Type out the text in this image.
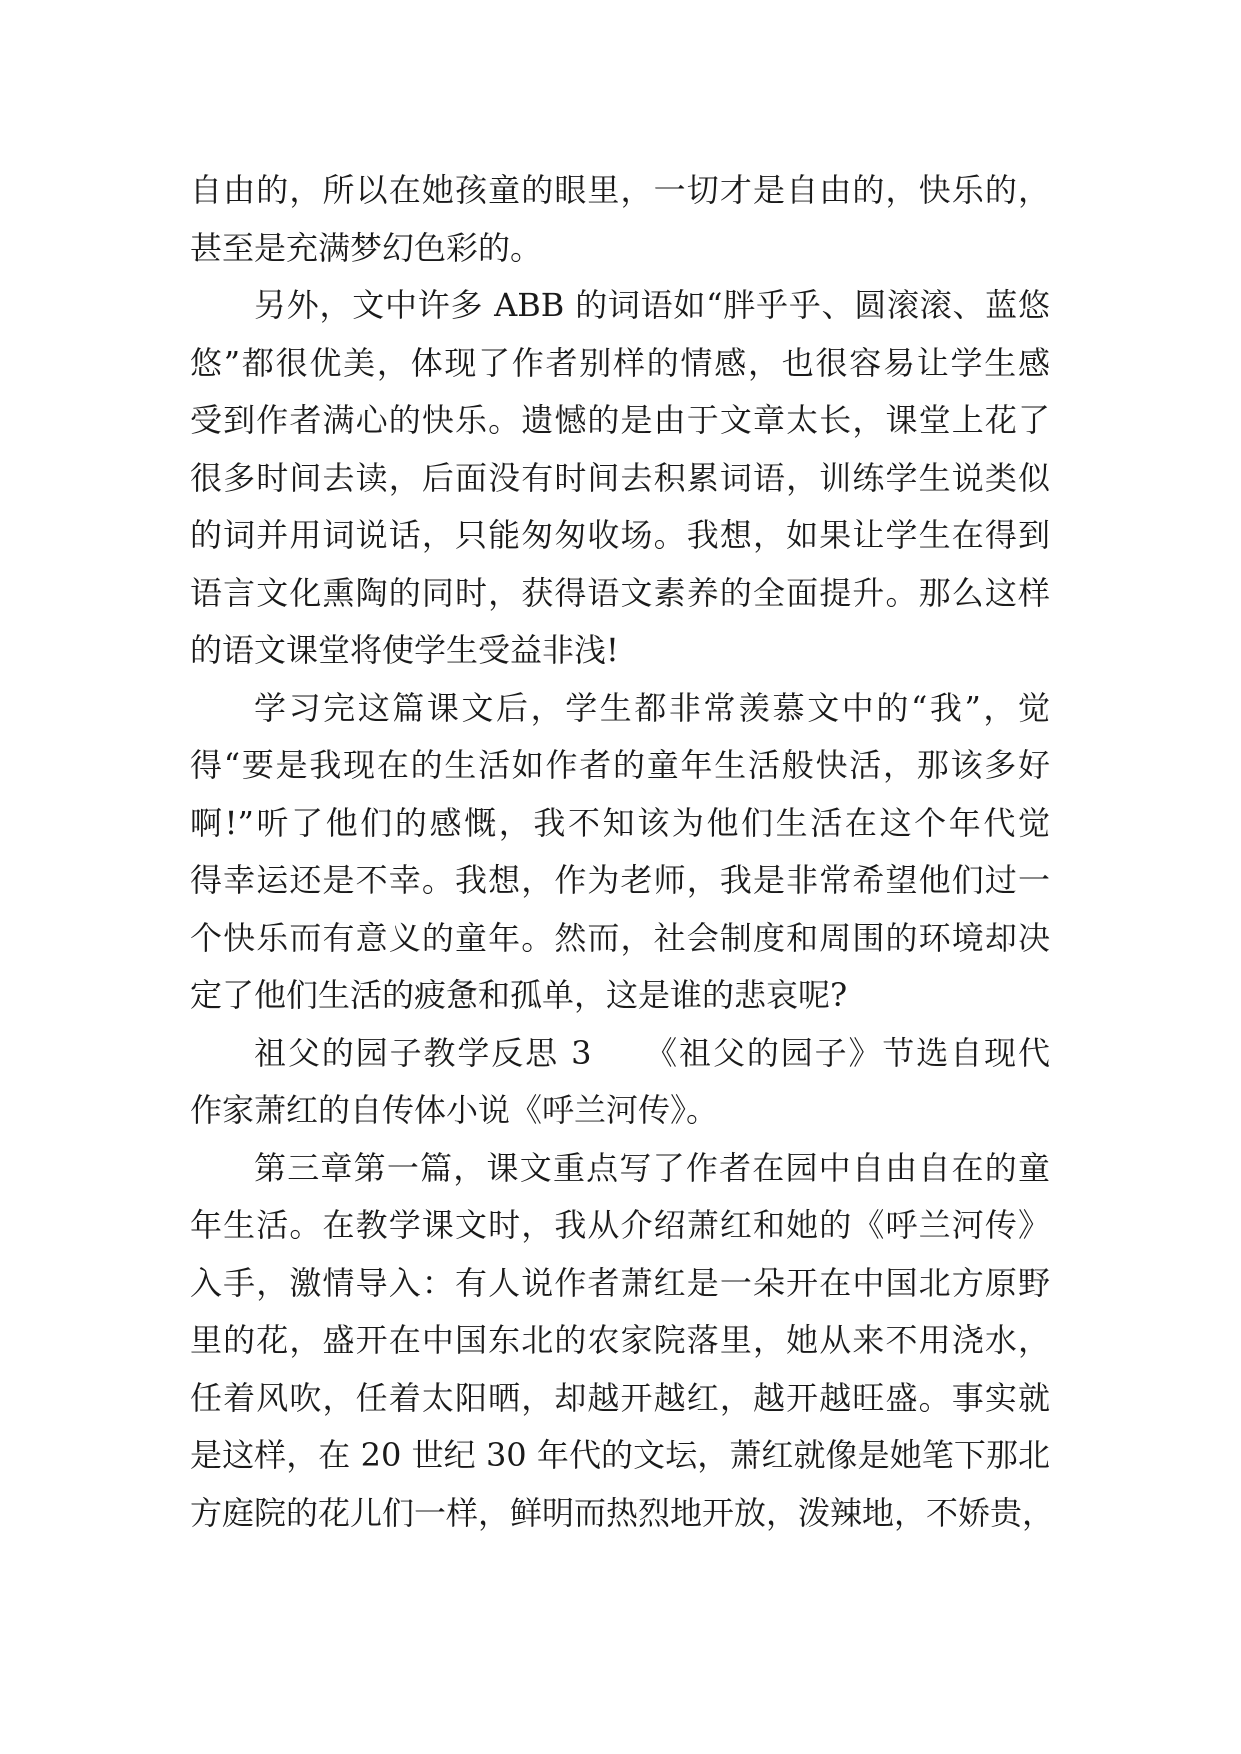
自由的，所以在她孩童的眼里，一切才是自由的，快乐的，
甚至是充满梦幻色彩的。
另外，文中许多 ABB 的词语如“胖乎乎、圆滚滚、蓝悠
悠”都很优美，体现了作者别样的情感，也很容易让学生感
受到作者满心的快乐。遗憾的是由于文章太长，课堂上花了
很多时间去读，后面没有时间去积累词语，训练学生说类似
的词并用词说话，只能匆匆收场。我想，如果让学生在得到
语言文化熏陶的同时，获得语文素养的全面提升。那么这样
的语文课堂将使学生受益非浅!
学习完这篇课文后，学生都非常羡慕文中的“我”，觉
得“要是我现在的生活如作者的童年生活般快活，那该多好
啊!”听了他们的感慨，我不知该为他们生活在这个年代觉
得幸运还是不幸。我想，作为老师，我是非常希望他们过一
个快乐而有意义的童年。然而，社会制度和周围的环境却决
定了他们生活的疲惫和孤单，这是谁的悲哀呢?
祖父的园子教学反思 3　　《祖父的园子》节选自现代
作家萧红的自传体小说《呼兰河传》。
第三章第一篇，课文重点写了作者在园中自由自在的童
年生活。在教学课文时，我从介绍萧红和她的《呼兰河传》
入手，激情导入：有人说作者萧红是一朵开在中国北方原野
里的花，盛开在中国东北的农家院落里，她从来不用浇水，
任着风吹，任着太阳晒，却越开越红，越开越旺盛。事实就
是这样，在 20 世纪 30 年代的文坛，萧红就像是她笔下那北
方庭院的花儿们一样，鲜明而热烈地开放，泼辣地，不娇贵，
